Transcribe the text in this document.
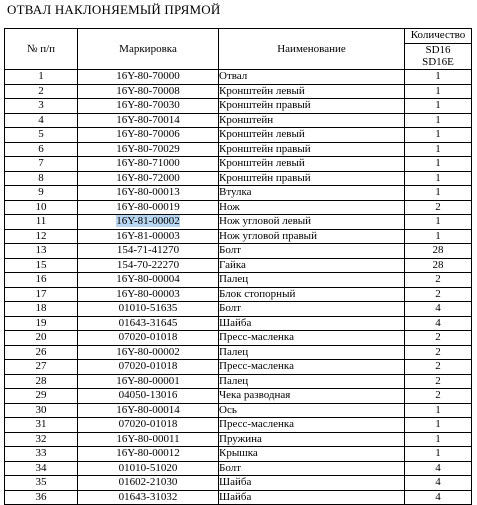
ОТВАЛ НАКЛОНЯЕМЫЙ ПРЯМОЙ
№ п/п	Маркировка	Наименование	Количество

			SD16
SD16E

1	16Y-80-70000	Отвал	1
2	16Y-80-70008	Кронштейн левый	1
3	16Y-80-70030	Кронштейн правый	1
4	16Y-80-70014	Кронштейн	1
5	16Y-80-70006	Кронштейн левый	1
6	16Y-80-70029	Кронштейн правый	1
7	16Y-80-71000	Кронштейн левый	1
8	16Y-80-72000	Кронштейн правый	1
9	16Y-80-00013	Втулка	1
10	16Y-80-00019	Нож	2
11	16Y-81-00002	Нож угловой левый	1
12	16Y-81-00003	Нож угловой правый	1
13	154-71-41270	Болт	28
15	154-70-22270	Гайка	28
16	16Y-80-00004	Палец	2
17	16Y-80-00003	Блок стопорный	2
18	01010-51635	Болт	4
19	01643-31645	Шайба	4
20	07020-01018	Пресс-масленка	2
26	16Y-80-00002	Палец	2
27	07020-01018	Пресс-масленка	2
28	16Y-80-00001	Палец	2
29	04050-13016	Чека разводная	2
30	16Y-80-00014	Ось	1
31	07020-01018	Пресс-масленка	1
32	16Y-80-00011	Пружина	1
33	16Y-80-00012	Крышка	1
34	01010-51020	Болт	4
35	01602-21030	Шайба	4
36	01643-31032	Шайба	4
